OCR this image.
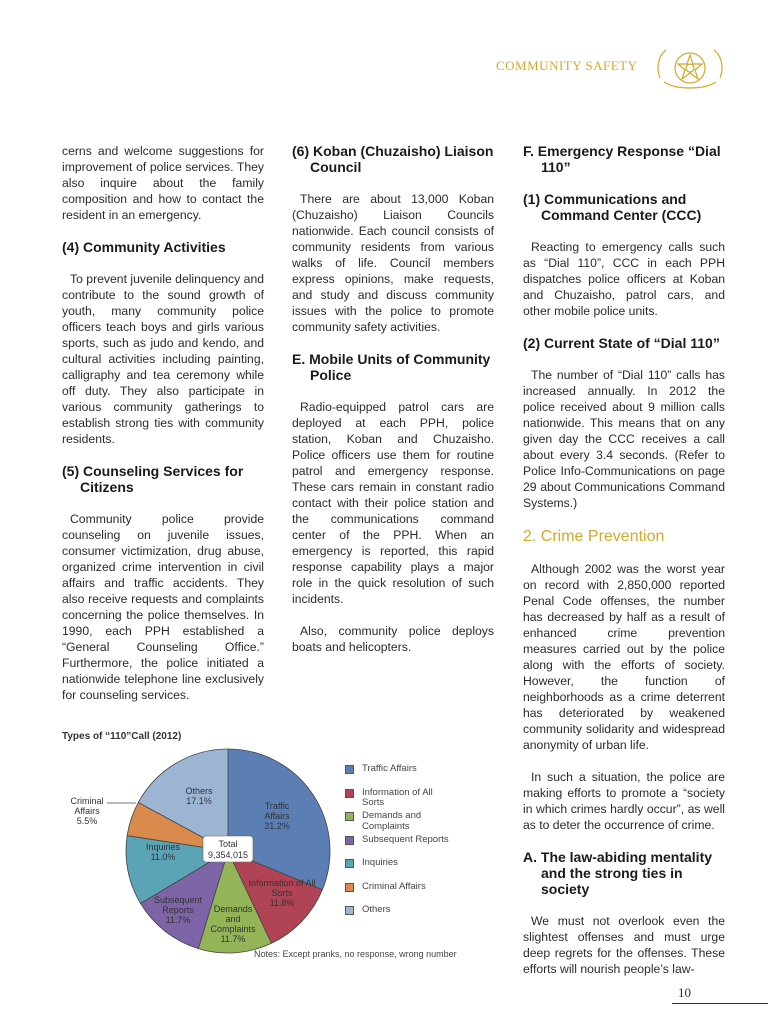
COMMUNITY SAFETY

cerns and welcome suggestions for improvement of police services. They also inquire about the family composition and how to contact the resident in an emergency.

(4) Community Activities

To prevent juvenile delinquency and contribute to the sound growth of youth, many community police officers teach boys and girls various sports, such as judo and kendo, and cultural activities including painting, calligraphy and tea ceremony while off duty. They also participate in various community gatherings to establish strong ties with community residents.

(5) Counseling Services for Citizens

Community police provide counseling on juvenile issues, consumer victimization, drug abuse, organized crime intervention in civil affairs and traffic accidents. They also receive requests and complaints concerning the police themselves. In 1990, each PPH established a “General Counseling Office.” Furthermore, the police initiated a nationwide telephone line exclusively for counseling services.

(6) Koban (Chuzaisho) Liaison Council

There are about 13,000 Koban (Chuzaisho) Liaison Councils nationwide. Each council consists of community residents from various walks of life. Council members express opinions, make requests, and study and discuss community issues with the police to promote community safety activities.

E. Mobile Units of Community Police

Radio-equipped patrol cars are deployed at each PPH, police station, Koban and Chuzaisho. Police officers use them for routine patrol and emergency response. These cars remain in constant radio contact with their police station and the communications command center of the PPH. When an emergency is reported, this rapid response capability plays a major role in the quick resolution of such incidents.

Also, community police deploys boats and helicopters.

F. Emergency Response “Dial 110”
(1) Communications and Command Center (CCC)

Reacting to emergency calls such as “Dial 110”, CCC in each PPH dispatches police officers at Koban and Chuzaisho, patrol cars, and other mobile police units.

(2) Current State of “Dial 110”

The number of “Dial 110” calls has increased annually. In 2012 the police received about 9 million calls nationwide. This means that on any given day the CCC receives a call about every 3.4 seconds. (Refer to Police Info-Communications on page 29 about Communications Command Systems.)

2. Crime Prevention

Although 2002 was the worst year on record with 2,850,000 reported Penal Code offenses, the number has decreased by half as a result of enhanced crime prevention measures carried out by the police along with the efforts of society. However, the function of neighborhoods as a crime deterrent has deteriorated by weakened community solidarity and widespread anonymity of urban life.

In such a situation, the police are making efforts to promote a “society in which crimes hardly occur”, as well as to deter the occurrence of crime.

A. The law-abiding mentality and the strong ties in society

We must not overlook even the slightest offenses and must urge deep regrets for the offenses. These efforts will nourish people’s law-

Types of “110”Call (2012)
Total
9,354,015
Traffic Affairs 31.2%
Information of All Sorts 11.8%
Demands and Complaints 11.7%
Subsequent Reports 11.7%
Inquiries 11.0%
Criminal Affairs 5.5%
Others 17.1%
Traffic Affairs
Information of All Sorts
Demands and Complaints
Subsequent Reports
Inquiries
Criminal Affairs
Others
Notes: Except pranks, no response, wrong number
10
